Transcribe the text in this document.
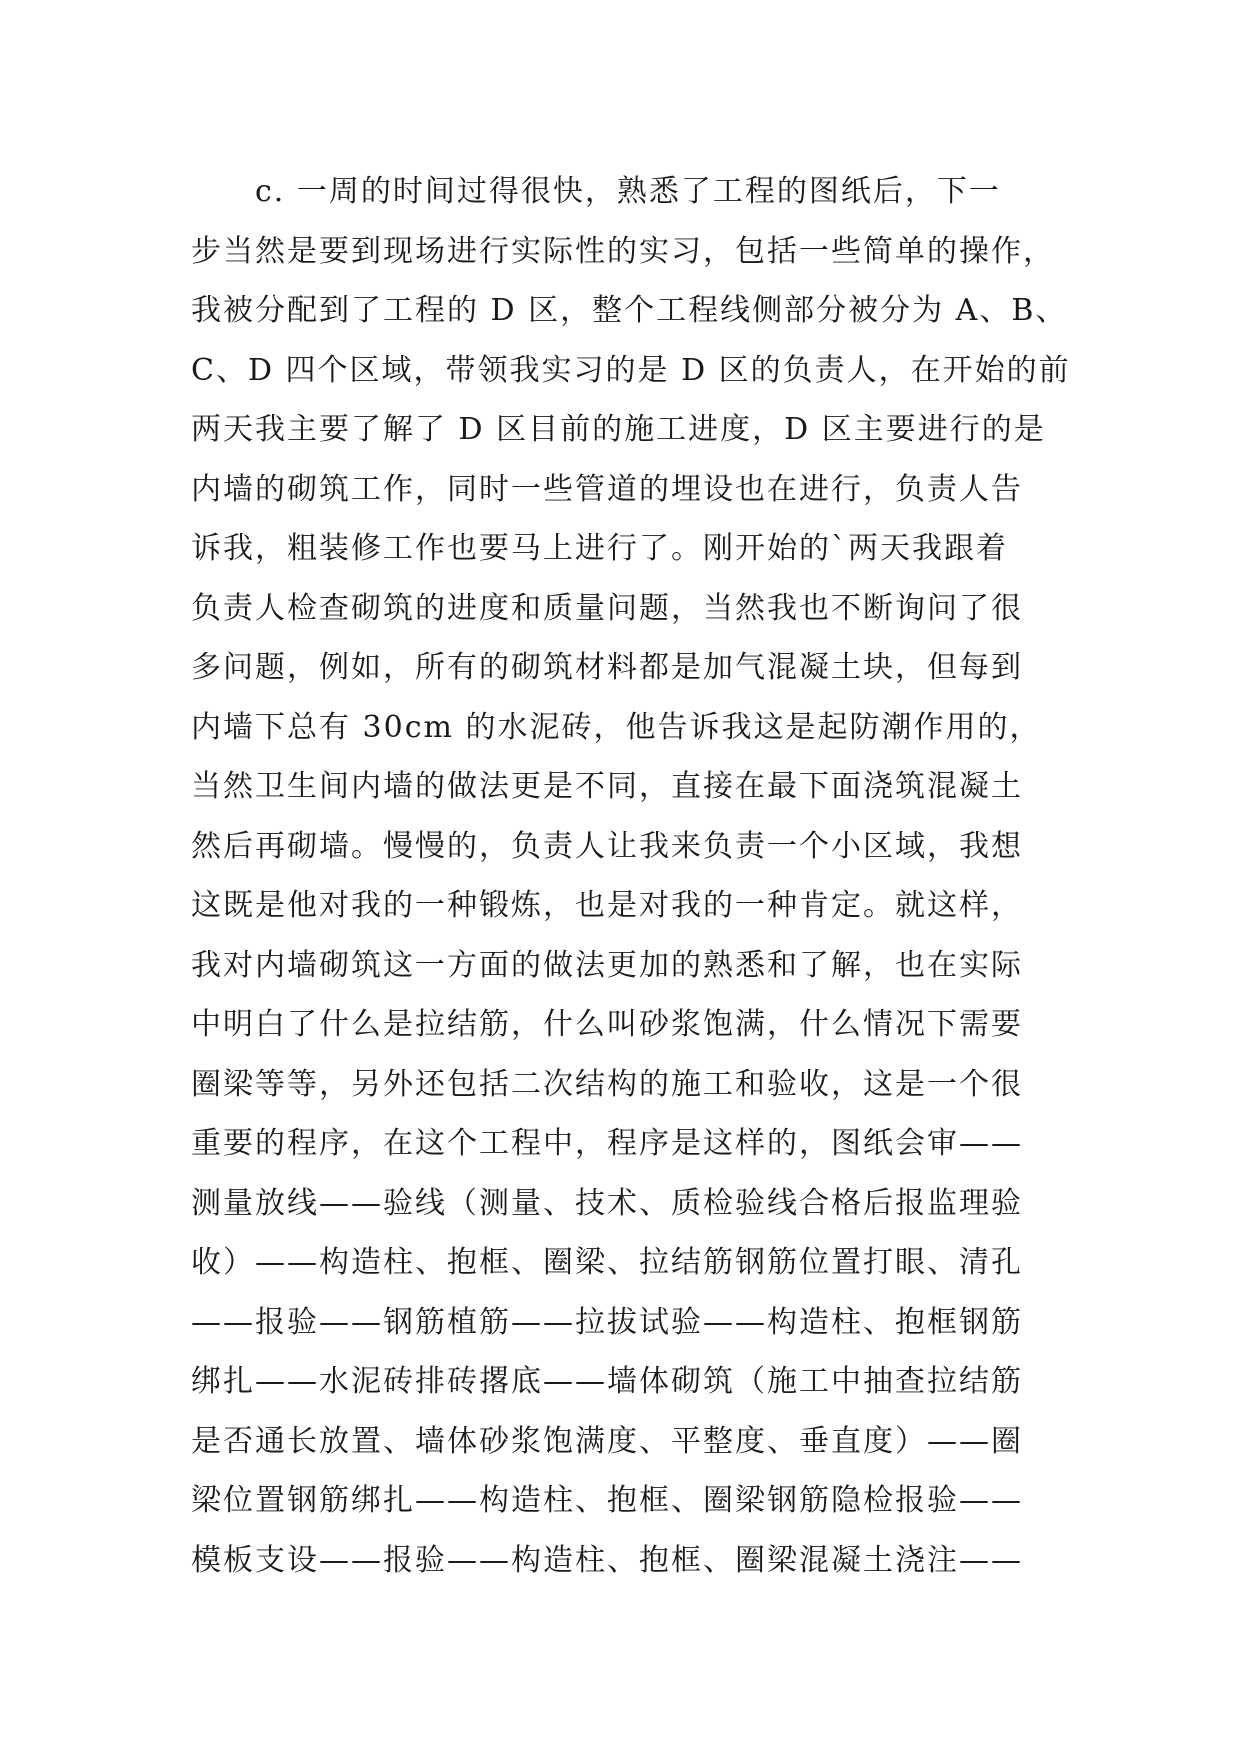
c. 一周的时间过得很快，熟悉了工程的图纸后，下一
步当然是要到现场进行实际性的实习，包括一些简单的操作，
我被分配到了工程的 D 区，整个工程线侧部分被分为 A、B、
C、D 四个区域，带领我实习的是 D 区的负责人，在开始的前
两天我主要了解了 D 区目前的施工进度，D 区主要进行的是
内墙的砌筑工作，同时一些管道的埋设也在进行，负责人告
诉我，粗装修工作也要马上进行了。刚开始的`两天我跟着
负责人检查砌筑的进度和质量问题，当然我也不断询问了很
多问题，例如，所有的砌筑材料都是加气混凝土块，但每到
内墙下总有 30cm 的水泥砖，他告诉我这是起防潮作用的，
当然卫生间内墙的做法更是不同，直接在最下面浇筑混凝土
然后再砌墙。慢慢的，负责人让我来负责一个小区域，我想
这既是他对我的一种锻炼，也是对我的一种肯定。就这样，
我对内墙砌筑这一方面的做法更加的熟悉和了解，也在实际
中明白了什么是拉结筋，什么叫砂浆饱满，什么情况下需要
圈梁等等，另外还包括二次结构的施工和验收，这是一个很
重要的程序，在这个工程中，程序是这样的，图纸会审——
测量放线——验线（测量、技术、质检验线合格后报监理验
收）——构造柱、抱框、圈梁、拉结筋钢筋位置打眼、清孔
——报验——钢筋植筋——拉拔试验——构造柱、抱框钢筋
绑扎——水泥砖排砖撂底——墙体砌筑（施工中抽查拉结筋
是否通长放置、墙体砂浆饱满度、平整度、垂直度）——圈
梁位置钢筋绑扎——构造柱、抱框、圈梁钢筋隐检报验——
模板支设——报验——构造柱、抱框、圈梁混凝土浇注——
